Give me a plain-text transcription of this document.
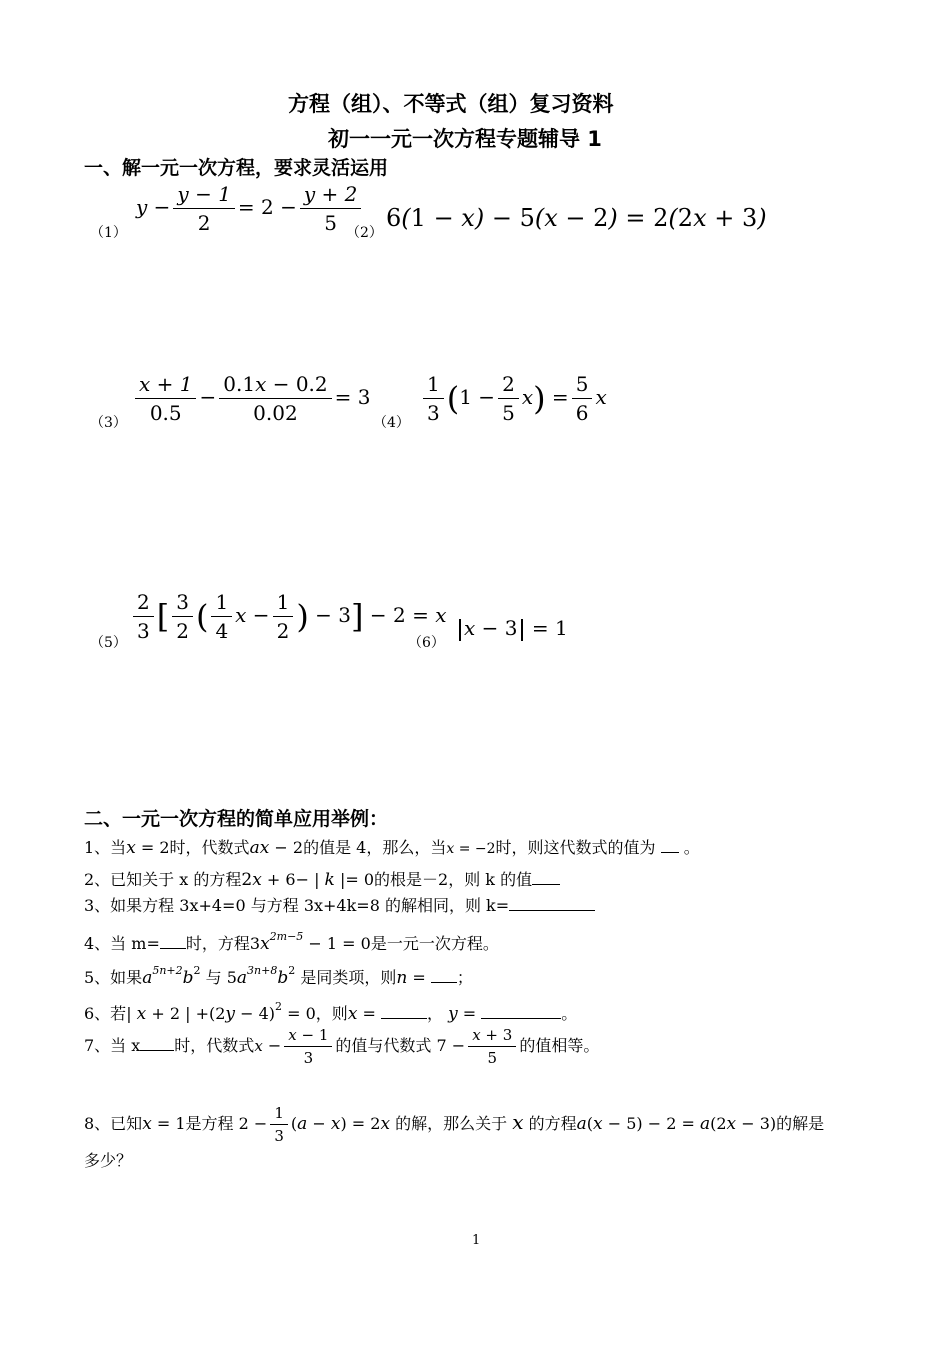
方程（组）、不等式（组）复习资料
初一一元一次方程专题辅导 1
一、解一元一次方程，要求灵活运用
（1）
$y - \frac{y - 1}{2} = 2 - \frac{y + 2}{5}$
（2）
6(1 − x) − 5(x − 2) = 2(2x + 3)
$(3) \frac{x + 1}{0.5} - \frac{0.1x - 0.2}{0.02} = 3$
$(4) \frac{1}{3} (1 - \frac{2}{5} x) = \frac{5}{6}$ x
$(5) \frac{2}{3}$ [ $\frac{3}{2}$ ( $\frac{1}{4}$ $x - \frac{1}{2}$ ) − 3] − 2 = x
（6）
x − 3 = 1
二、一元一次方程的简单应用举例：
1、当x = 2时，代数式ax − 2的值是 4，那么，当x = −2时，则这代数式的值为 。
2、已知关于 x 的方程2x + 6− | k |= 0的根是－2，则 k 的值
3、如果方程 3x+4=0 与方程 3x+4k=8 的解相同，则 k=
4、当 m= 时，方程$3x^{2m-5} - 1 = 0$是一元一次方程。
5、如果$a^{5n+2}b^2$ 与 $5a^{3n+8}b^2$ 是同类项，则n = ；
6、若| x + 2 | $+(2y - 4)^2 = 0$，则x =	， y =	。
7、当 x 时，代数式$x - \frac{x - 1}{3}$ 的值与代数式 $7 - \frac{x + 3}{5}$ 的值相等。
8、已知x = 1是方程 $2 - \frac{1}{3} (a - x) = 2x$ 的解，那么关于 x 的方程a(x − 5) − 2 = a(2x − 3)的解是
多少？
1
